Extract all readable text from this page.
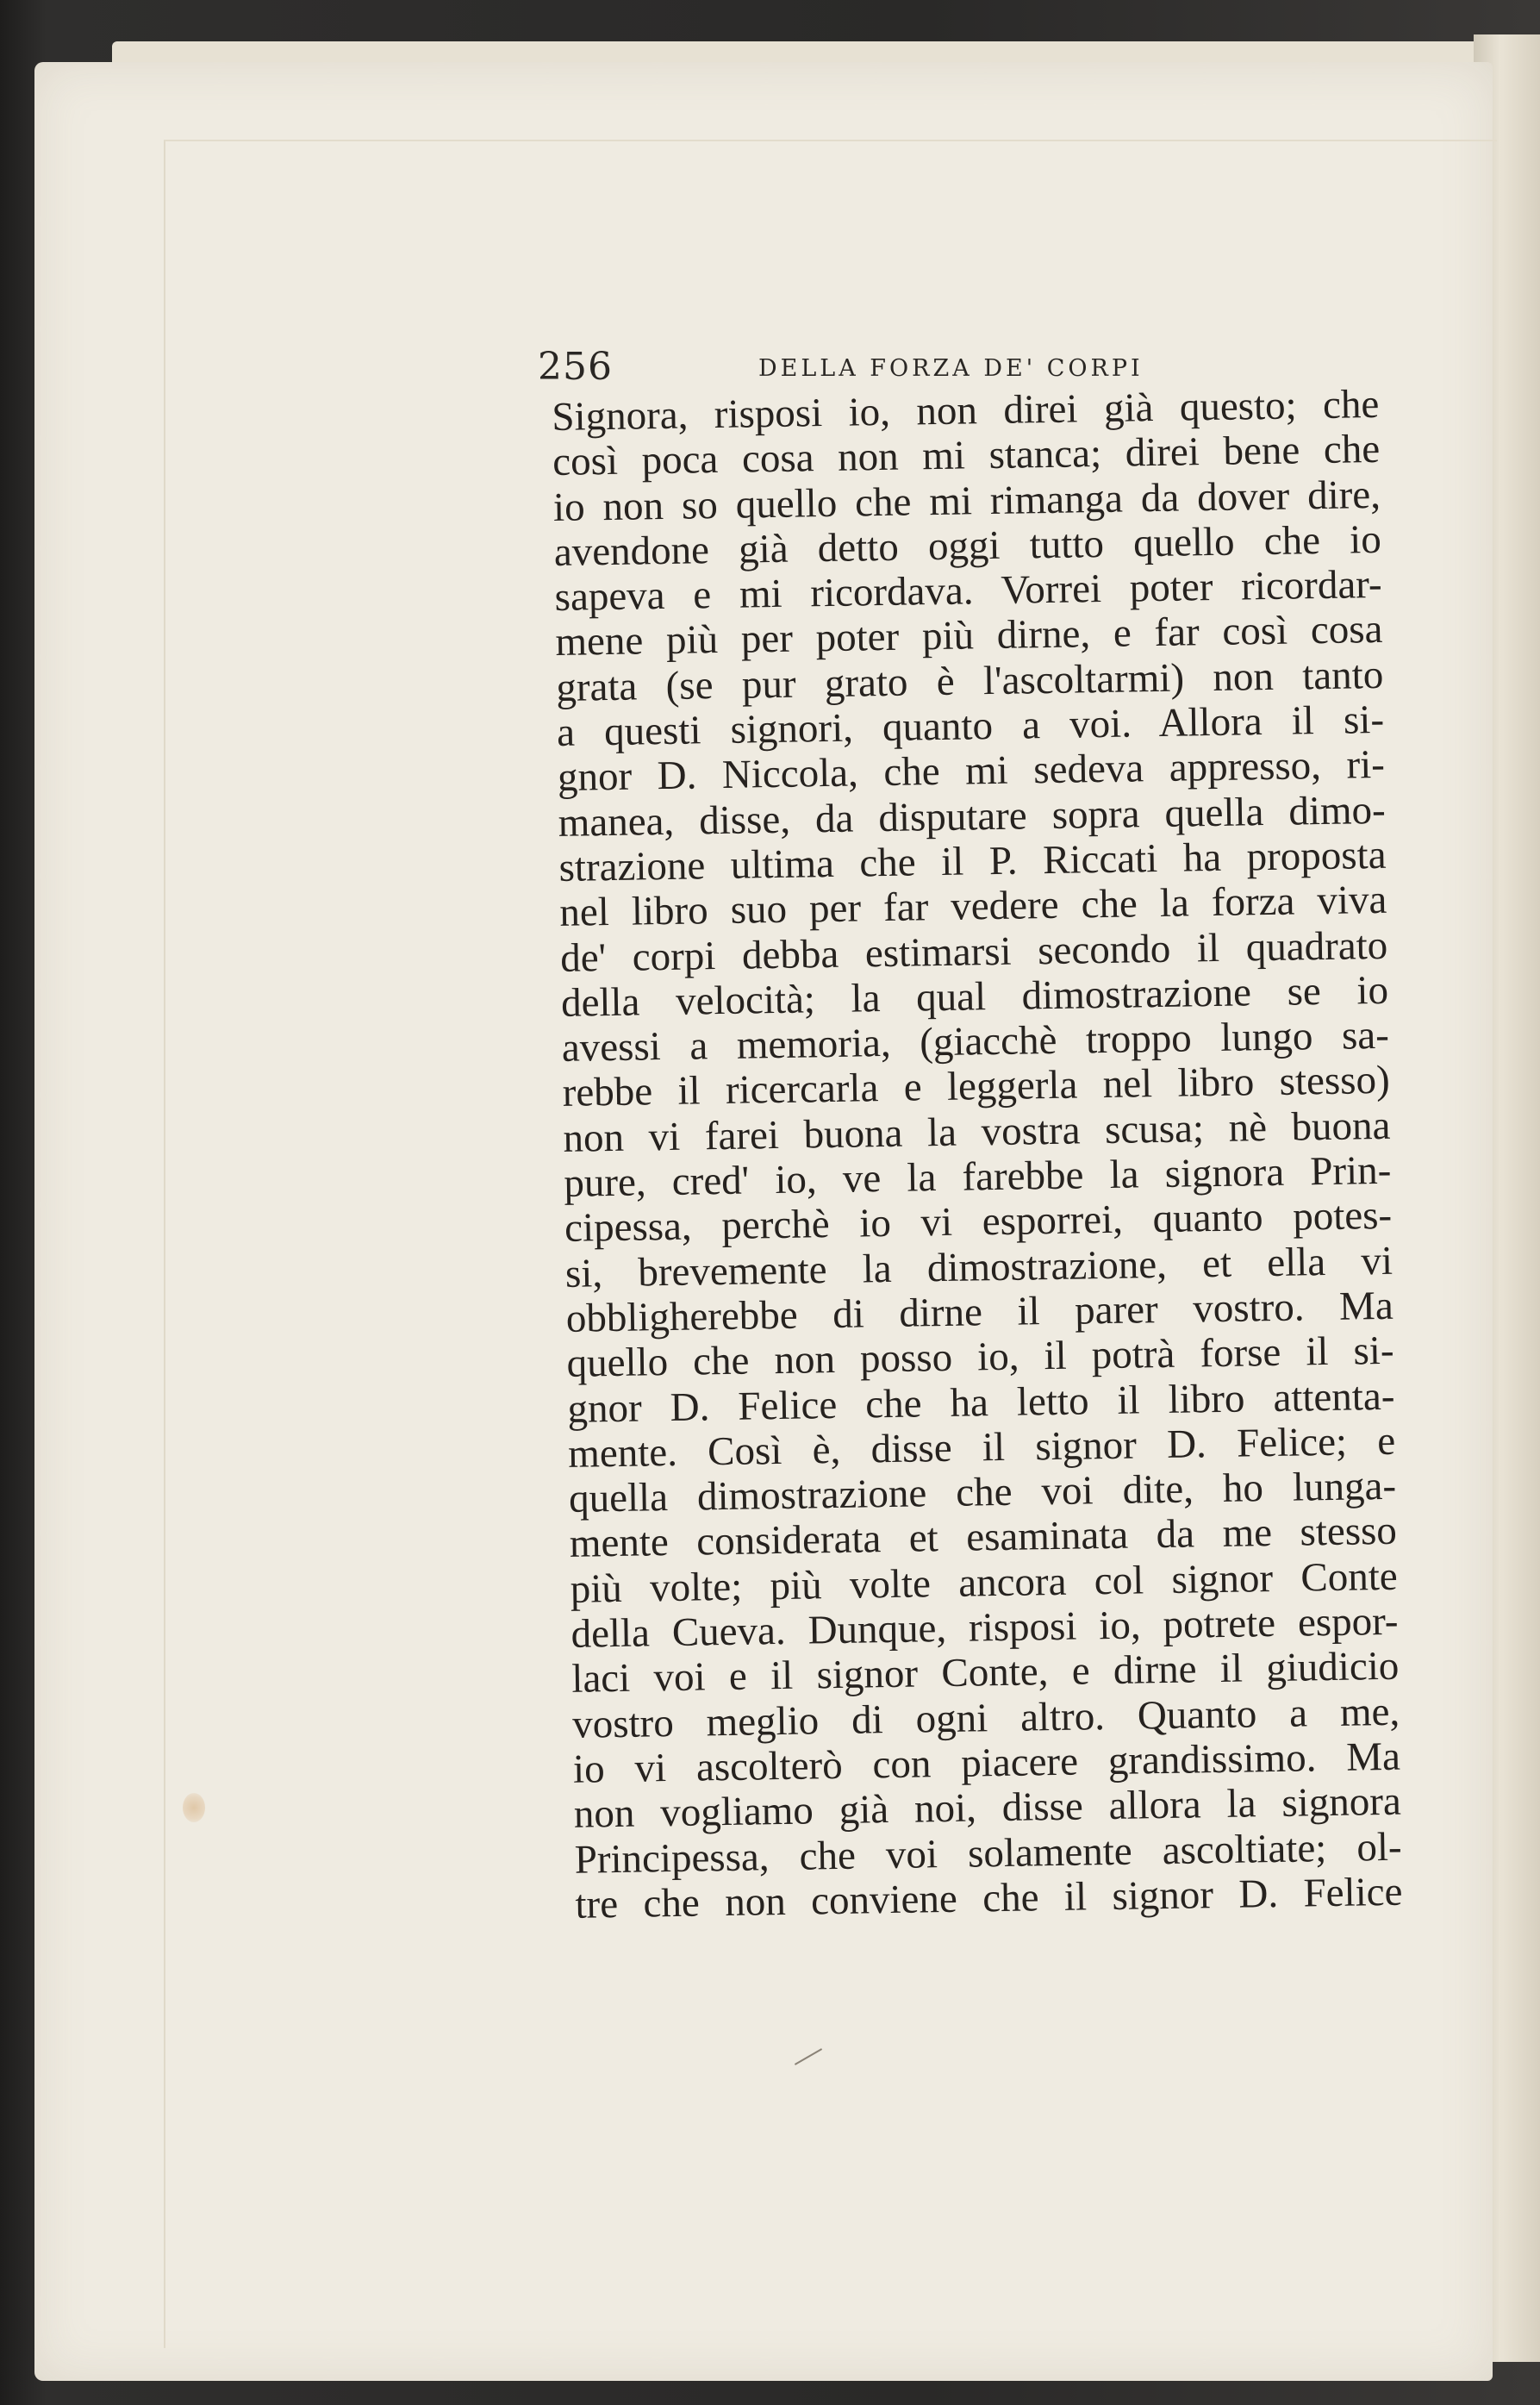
256	DELLA FORZA DE' CORPI
Signora, risposi io, non direi già questo; che
così poca cosa non mi stanca; direi bene che
io non so quello che mi rimanga da dover dire,
avendone già detto oggi tutto quello che io
sapeva e mi ricordava. Vorrei poter ricordar-
mene più per poter più dirne, e far così cosa
grata (se pur grato è l'ascoltarmi) non tanto
a questi signori, quanto a voi. Allora il si-
gnor D. Niccola, che mi sedeva appresso, ri-
manea, disse, da disputare sopra quella dimo-
strazione ultima che il P. Riccati ha proposta
nel libro suo per far vedere che la forza viva
de' corpi debba estimarsi secondo il quadrato
della velocità; la qual dimostrazione se io
avessi a memoria, (giacchè troppo lungo sa-
rebbe il ricercarla e leggerla nel libro stesso)
non vi farei buona la vostra scusa; nè buona
pure, cred' io, ve la farebbe la signora Prin-
cipessa, perchè io vi esporrei, quanto potes-
si, brevemente la dimostrazione, et ella vi
obbligherebbe di dirne il parer vostro. Ma
quello che non posso io, il potrà forse il si-
gnor D. Felice che ha letto il libro attenta-
mente. Così è, disse il signor D. Felice; e
quella dimostrazione che voi dite, ho lunga-
mente considerata et esaminata da me stesso
più volte; più volte ancora col signor Conte
della Cueva. Dunque, risposi io, potrete espor-
laci voi e il signor Conte, e dirne il giudicio
vostro meglio di ogni altro. Quanto a me,
io vi ascolterò con piacere grandissimo. Ma
non vogliamo già noi, disse allora la signora
Principessa, che voi solamente ascoltiate; ol-
tre che non conviene che il signor D. Felice
